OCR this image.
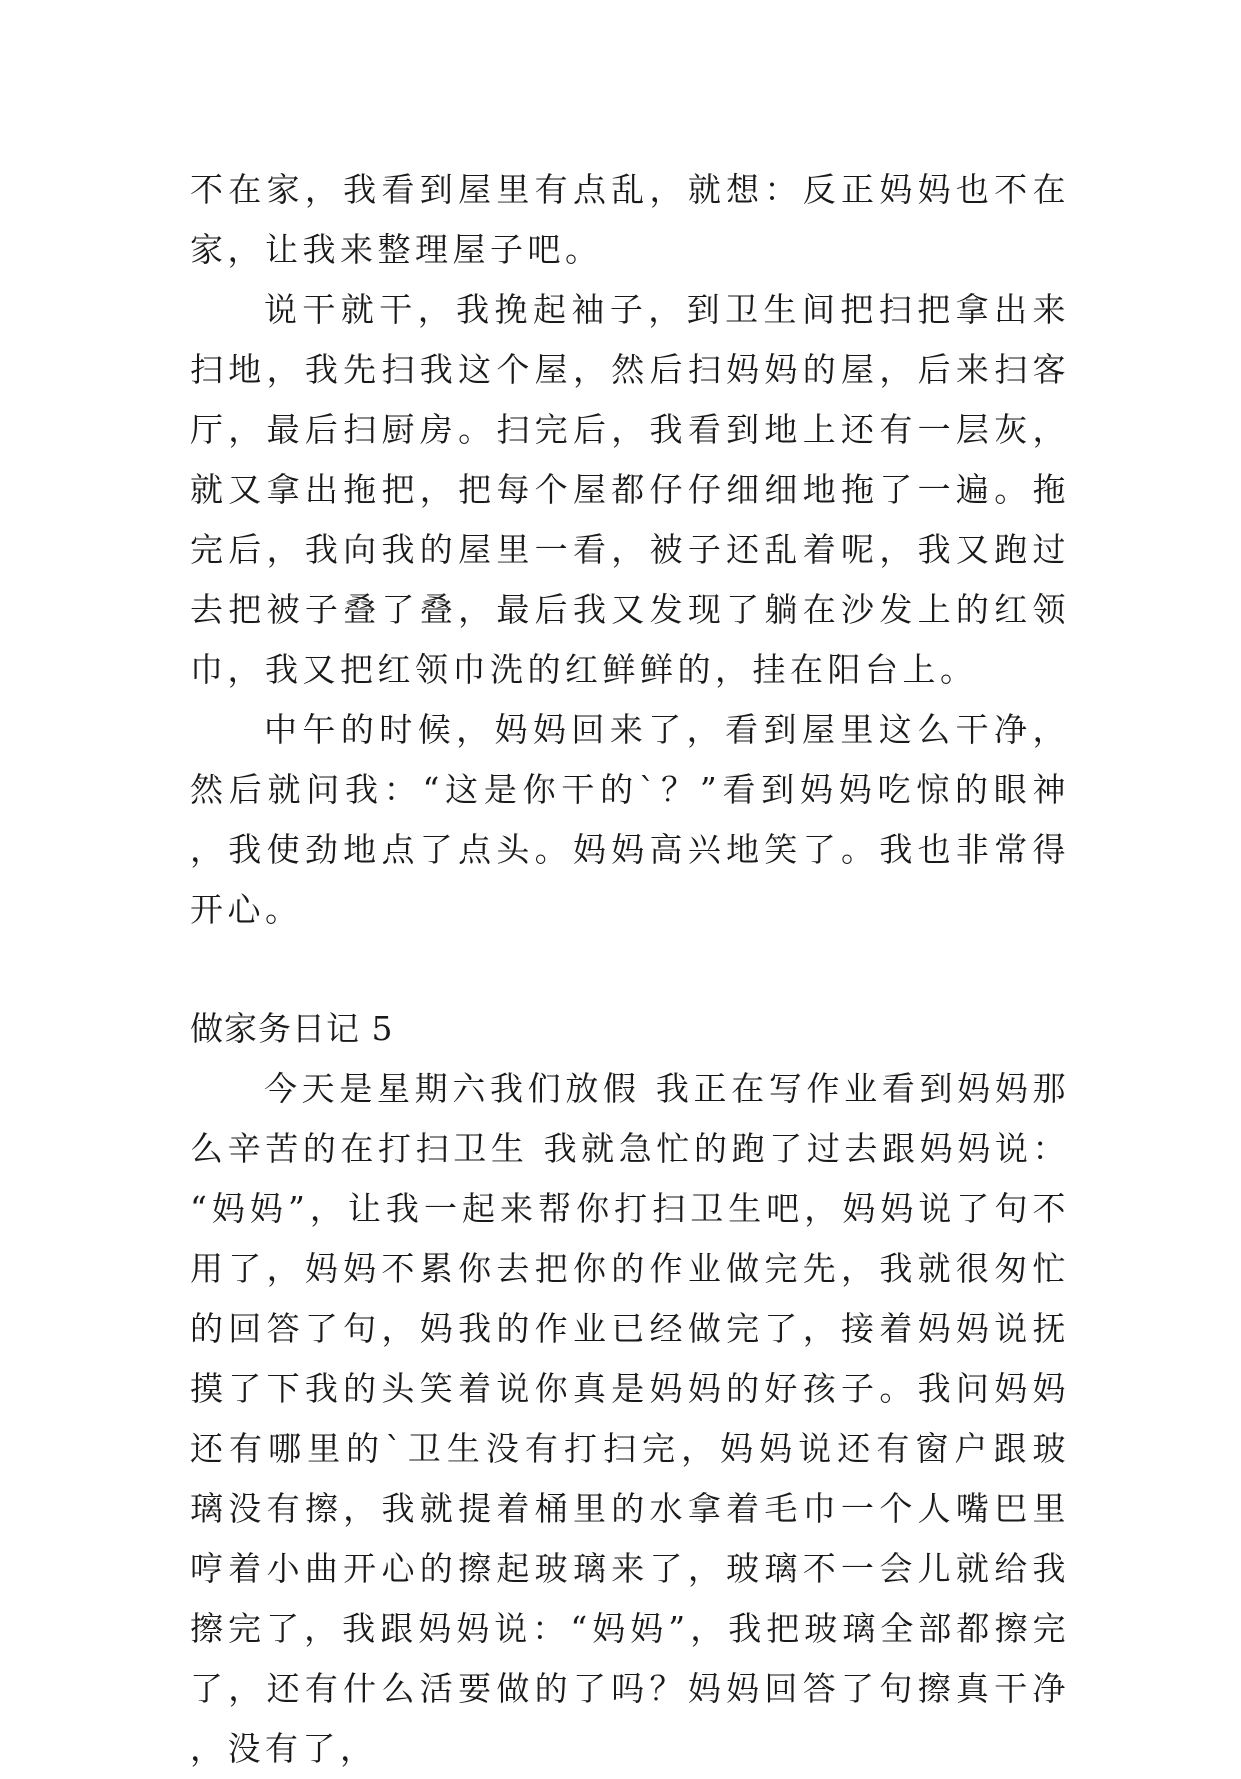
不在家，我看到屋里有点乱，就想：反正妈妈也不在家，让我来整理屋子吧。

说干就干，我挽起袖子，到卫生间把扫把拿出来扫地，我先扫我这个屋，然后扫妈妈的屋，后来扫客厅，最后扫厨房。扫完后，我看到地上还有一层灰，就又拿出拖把，把每个屋都仔仔细细地拖了一遍。拖完后，我向我的屋里一看，被子还乱着呢，我又跑过去把被子叠了叠，最后我又发现了躺在沙发上的红领巾，我又把红领巾洗的红鲜鲜的，挂在阳台上。

中午的时候，妈妈回来了，看到屋里这么干净，然后就问我：“这是你干的`？”看到妈妈吃惊的眼神，我使劲地点了点头。妈妈高兴地笑了。我也非常得开心。

做家务日记 5

今天是星期六我们放假 我正在写作业看到妈妈那么辛苦的在打扫卫生 我就急忙的跑了过去跟妈妈说：“妈妈”，让我一起来帮你打扫卫生吧，妈妈说了句不用了，妈妈不累你去把你的作业做完先，我就很匆忙的回答了句，妈我的作业已经做完了，接着妈妈说抚摸了下我的头笑着说你真是妈妈的好孩子。我问妈妈还有哪里的`卫生没有打扫完，妈妈说还有窗户跟玻璃没有擦，我就提着桶里的水拿着毛巾一个人嘴巴里哼着小曲开心的擦起玻璃来了，玻璃不一会儿就给我擦完了，我跟妈妈说：“妈妈”，我把玻璃全部都擦完了，还有什么活要做的了吗？妈妈回答了句擦真干净，没有了，
